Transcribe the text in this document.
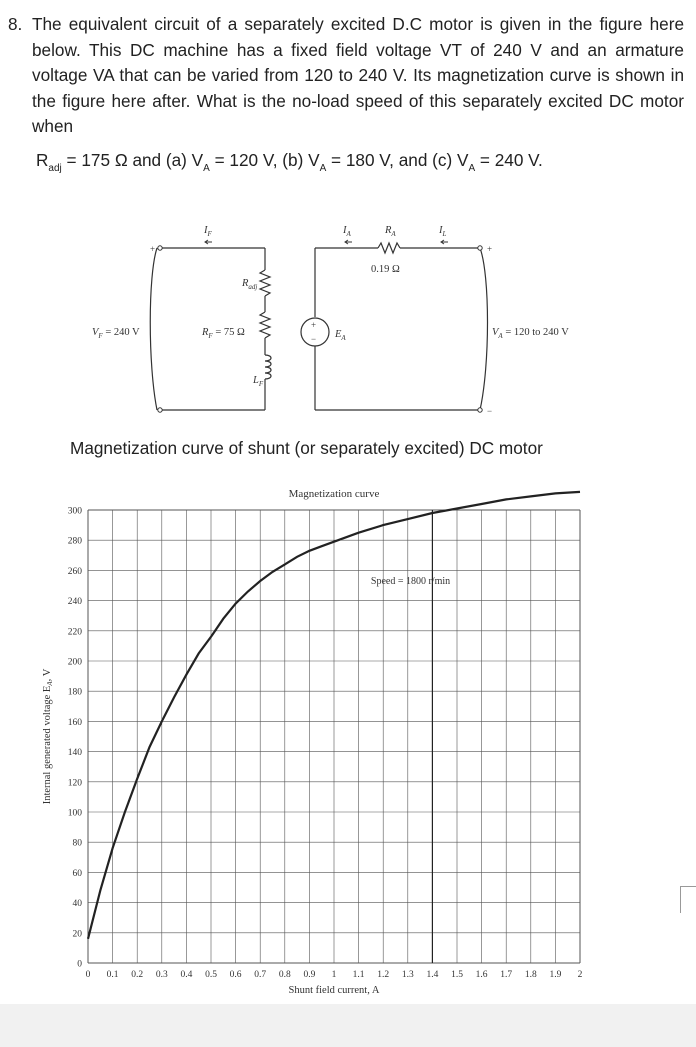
8. The equivalent circuit of a separately excited D.C motor is given in the figure here below. This DC machine has a fixed field voltage VT of 240 V and an armature voltage VA that can be varied from 120 to 240 V. Its magnetization curve is shown in the figure here after. What is the no-load speed of this separately excited DC motor when
$R_{adj} = 175$ Ω and (a) $V_A = 120$ V, (b) $V_A = 180$ V, and (c) $V_A = 240$ V.
$I_F$	$I_A$	$R_A$	$I_L$
$R_{adj}$
$V_F = 240$ V	$R_F = 75$ Ω
$L_F$
$E_A$	$V_A = 120$ to 240 V
0.19 Ω
+	+
−
+
−
Magnetization curve of shunt (or separately excited) DC motor
Magnetization curve
0 0.1 0.2 0.3 0.4 0.5 0.6 0.7 0.8 0.9 1 1.1 1.2 1.3 1.4 1.5 1.6 1.7 1.8 1.9 2
0
20
40
60
80
100
120
140
160
180
200
220
240
260
280
300
Speed = 1800 r/min
Shunt field current, A
Internal generated voltage EA, V
